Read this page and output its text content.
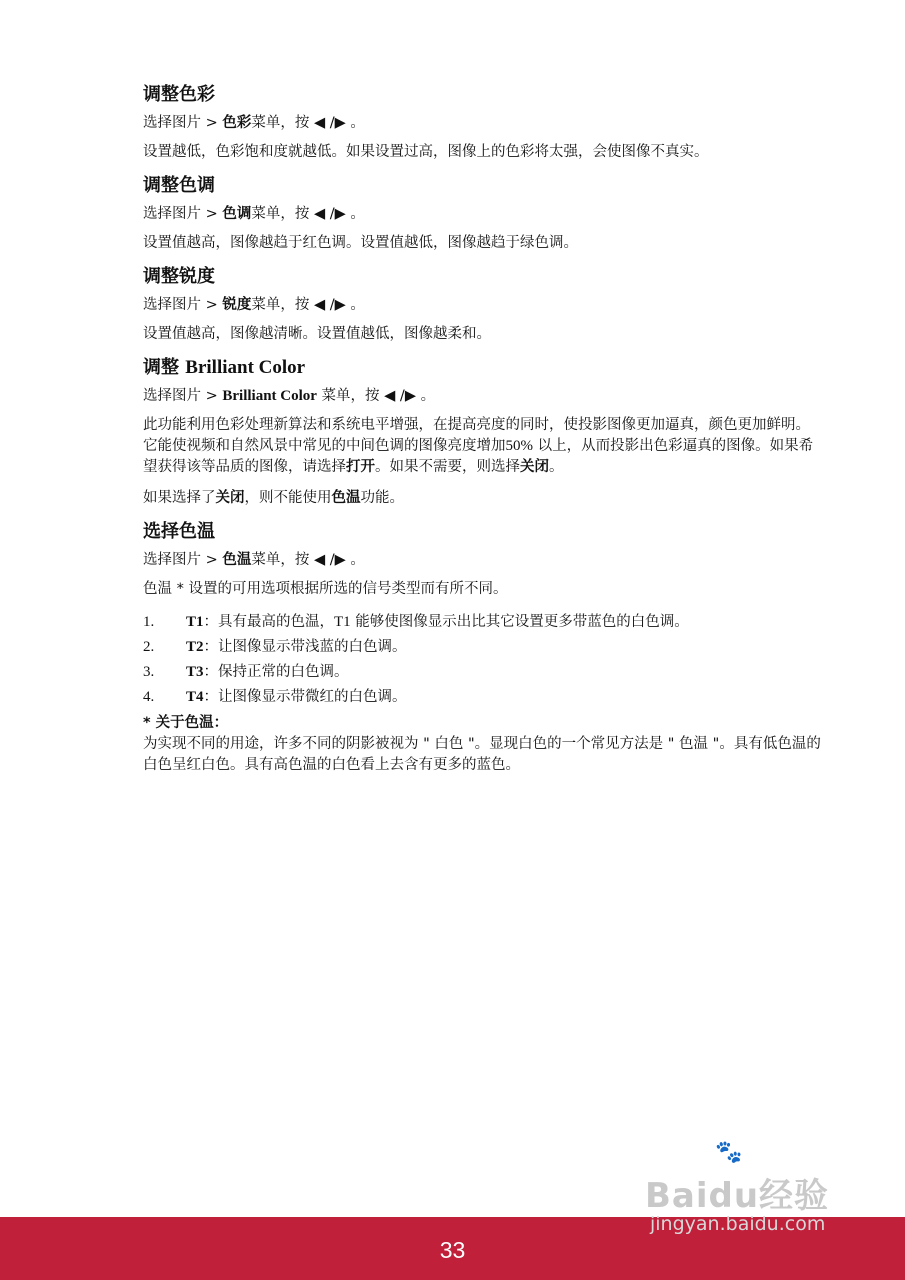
调整色彩

选择图片 > 色彩菜单，按 ◀ /▶ 。

设置越低，色彩饱和度就越低。如果设置过高，图像上的色彩将太强，会使图像不真实。

调整色调

选择图片 > 色调菜单，按 ◀ /▶ 。

设置值越高，图像越趋于红色调。设置值越低，图像越趋于绿色调。

调整锐度

选择图片 > 锐度菜单，按 ◀ /▶ 。

设置值越高，图像越清晰。设置值越低，图像越柔和。

调整 Brilliant Color

选择图片 > Brilliant Color 菜单，按 ◀ /▶ 。

此功能利用色彩处理新算法和系统电平增强，在提高亮度的同时，使投影图像更加逼真，颜色更加鲜明。它能使视频和自然风景中常见的中间色调的图像亮度增加50% 以上，从而投影出色彩逼真的图像。如果希望获得该等品质的图像，请选择打开。如果不需要，则选择关闭。

如果选择了关闭，则不能使用色温功能。

选择色温

选择图片 > 色温菜单，按 ◀ /▶ 。

色温 * 设置的可用选项根据所选的信号类型而有所不同。

1.	T1：具有最高的色温，T1 能够使图像显示出比其它设置更多带蓝色的白色调。
2.	T2：让图像显示带浅蓝的白色调。
3.	T3：保持正常的白色调。
4.	T4：让图像显示带微红的白色调。

* 关于色温：

为实现不同的用途，许多不同的阴影被视为 " 白色 "。显现白色的一个常见方法是 " 色温 "。具有低色温的白色呈红白色。具有高色温的白色看上去含有更多的蓝色。

🐾
Baidu经验
jingyan.baidu.com
33
